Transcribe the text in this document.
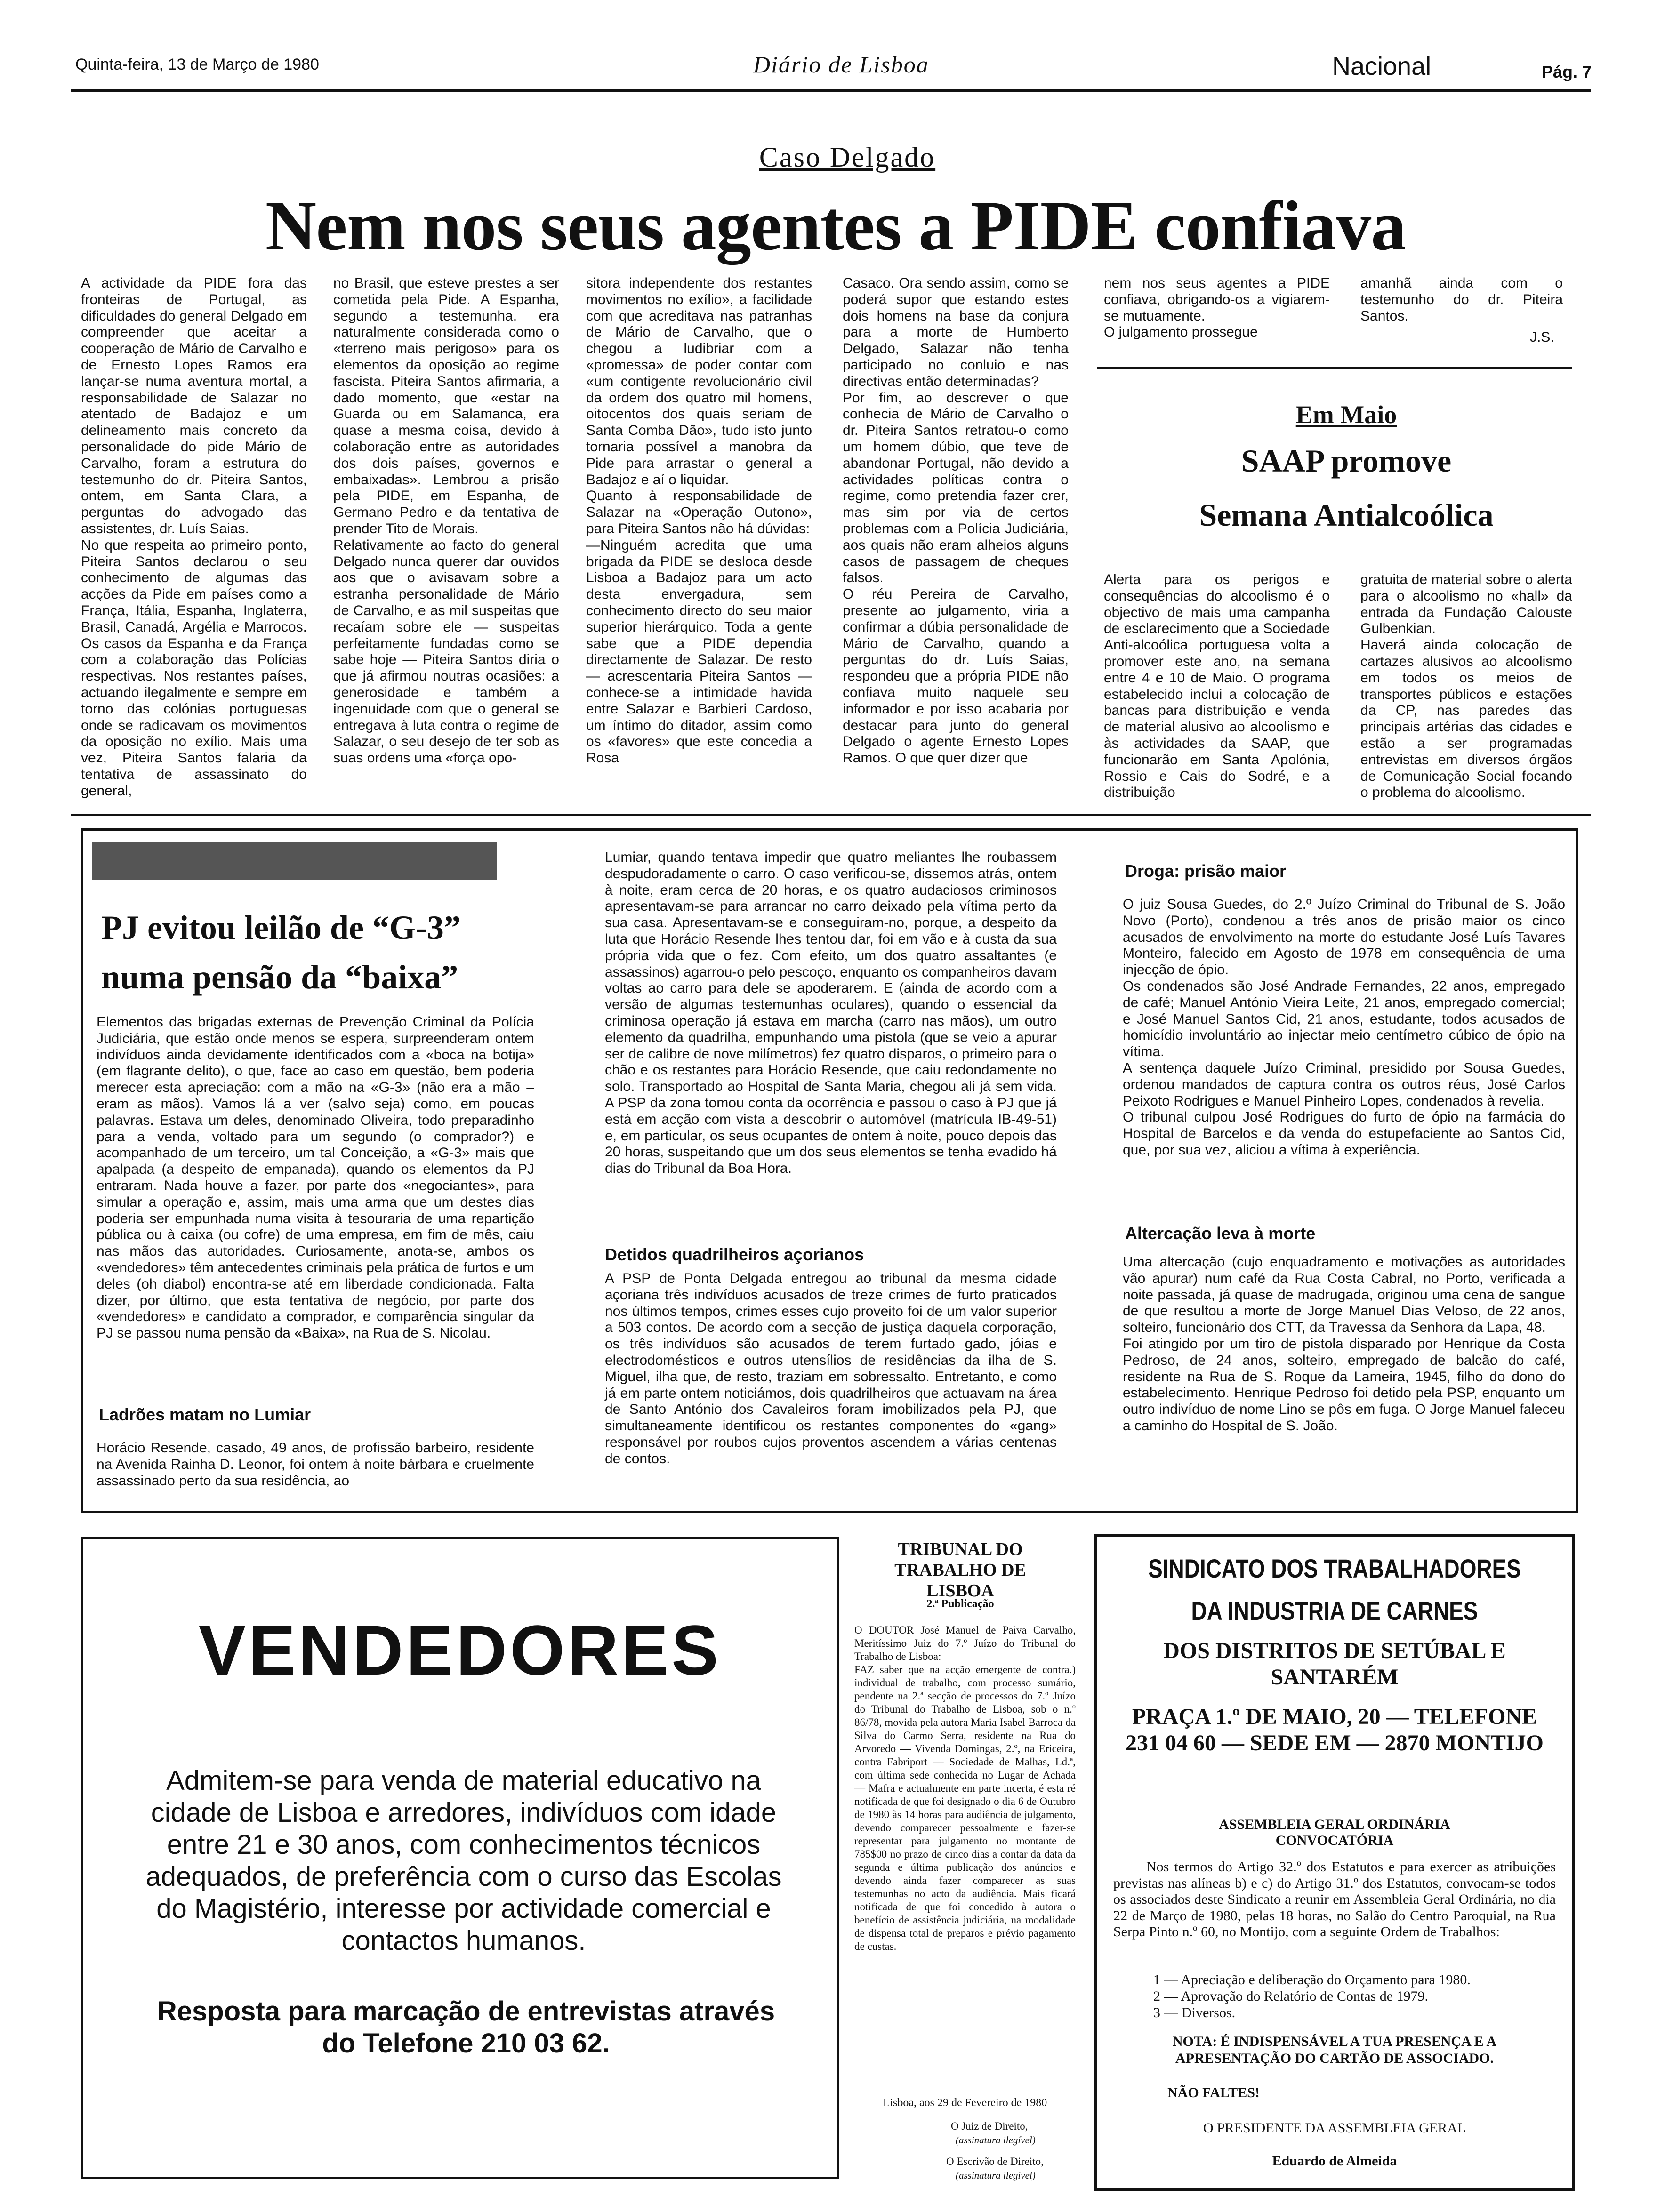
Quinta-feira, 13 de Março de 1980	Diário de Lisboa	Nacional	Pág. 7
Caso Delgado
Nem nos seus agentes a PIDE confiava
A actividade da PIDE fora das fronteiras de Portugal, as dificuldades do general Delgado em compreender que aceitar a cooperação de Mário de Carvalho e de Ernesto Lopes Ramos era lançar-se numa aventura mortal, a responsabilidade de Salazar no atentado de Badajoz e um delineamento mais concreto da personalidade do pide Mário de Carvalho, foram a estrutura do testemunho do dr. Piteira Santos, ontem, em Santa Clara, a perguntas do advogado das assistentes, dr. Luís Saias.
No que respeita ao primeiro ponto, Piteira Santos declarou o seu conhecimento de algumas das acções da Pide em países como a França, Itália, Espanha, Inglaterra, Brasil, Canadá, Argélia e Marrocos. Os casos da Espanha e da França com a colaboração das Polícias respectivas. Nos restantes países, actuando ilegalmente e sempre em torno das colónias portuguesas onde se radicavam os movimentos da oposição no exílio. Mais uma vez, Piteira Santos falaria da tentativa de assassinato do general,
no Brasil, que esteve prestes a ser cometida pela Pide. A Espanha, segundo a testemunha, era naturalmente considerada como o «terreno mais perigoso» para os elementos da oposição ao regime fascista. Piteira Santos afirmaria, a dado momento, que «estar na Guarda ou em Salamanca, era quase a mesma coisa, devido à colaboração entre as autoridades dos dois países, governos e embaixadas». Lembrou a prisão pela PIDE, em Espanha, de Germano Pedro e da tentativa de prender Tito de Morais.
Relativamente ao facto do general Delgado nunca querer dar ouvidos aos que o avisavam sobre a estranha personalidade de Mário de Carvalho, e as mil suspeitas que recaíam sobre ele — suspeitas perfeitamente fundadas como se sabe hoje — Piteira Santos diria o que já afirmou noutras ocasiões: a generosidade e também a ingenuidade com que o general se entregava à luta contra o regime de Salazar, o seu desejo de ter sob as suas ordens uma «força opo-
sitora independente dos restantes movimentos no exílio», a facilidade com que acreditava nas patranhas de Mário de Carvalho, que o chegou a ludibriar com a «promessa» de poder contar com «um contigente revolucionário civil da ordem dos quatro mil homens, oitocentos dos quais seriam de Santa Comba Dão», tudo isto junto tornaria possível a manobra da Pide para arrastar o general a Badajoz e aí o liquidar.
Quanto à responsabilidade de Salazar na «Operação Outono», para Piteira Santos não há dúvidas:
—Ninguém acredita que uma brigada da PIDE se desloca desde Lisboa a Badajoz para um acto desta envergadura, sem conhecimento directo do seu maior superior hierárquico. Toda a gente sabe que a PIDE dependia directamente de Salazar. De resto — acrescentaria Piteira Santos — conhece-se a intimidade havida entre Salazar e Barbieri Cardoso, um íntimo do ditador, assim como os «favores» que este concedia a Rosa
Casaco. Ora sendo assim, como se poderá supor que estando estes dois homens na base da conjura para a morte de Humberto Delgado, Salazar não tenha participado no conluio e nas directivas então determinadas?
Por fim, ao descrever o que conhecia de Mário de Carvalho o dr. Piteira Santos retratou-o como um homem dúbio, que teve de abandonar Portugal, não devido a actividades políticas contra o regime, como pretendia fazer crer, mas sim por via de certos problemas com a Polícia Judiciária, aos quais não eram alheios alguns casos de passagem de cheques falsos.
O réu Pereira de Carvalho, presente ao julgamento, viria a confirmar a dúbia personalidade de Mário de Carvalho, quando a perguntas do dr. Luís Saias, respondeu que a própria PIDE não confiava muito naquele seu informador e por isso acabaria por destacar para junto do general Delgado o agente Ernesto Lopes Ramos. O que quer dizer que
nem nos seus agentes a PIDE confiava, obrigando-os a vigiarem-se mutuamente.
O julgamento prossegue
amanhã ainda com o testemunho do dr. Piteira Santos.
J.S.
Em Maio
SAAP promove
Semana Antialcoólica
Alerta para os perigos e consequências do alcoolismo é o objectivo de mais uma campanha de esclarecimento que a Sociedade Anti-alcoólica portuguesa volta a promover este ano, na semana entre 4 e 10 de Maio. O programa estabelecido inclui a colocação de bancas para distribuição e venda de material alusivo ao alcoolismo e às actividades da SAAP, que funcionarão em Santa Apolónia, Rossio e Cais do Sodré, e a distribuição
gratuita de material sobre o alerta para o alcoolismo no «hall» da entrada da Fundação Calouste Gulbenkian.
Haverá ainda colocação de cartazes alusivos ao alcoolismo em todos os meios de transportes públicos e estações da CP, nas paredes das principais artérias das cidades e estão a ser programadas entrevistas em diversos órgãos de Comunicação Social focando o problema do alcoolismo.
PJ evitou leilão de “G-3”
numa pensão da “baixa”
Elementos das brigadas externas de Prevenção Criminal da Polícia Judiciária, que estão onde menos se espera, surpreenderam ontem indivíduos ainda devidamente identificados com a «boca na botija» (em flagrante delito), o que, face ao caso em questão, bem poderia merecer esta apreciação: com a mão na «G-3» (não era a mão – eram as mãos). Vamos lá a ver (salvo seja) como, em poucas palavras. Estava um deles, denominado Oliveira, todo preparadinho para a venda, voltado para um segundo (o comprador?) e acompanhado de um terceiro, um tal Conceição, a «G-3» mais que apalpada (a despeito de empanada), quando os elementos da PJ entraram. Nada houve a fazer, por parte dos «negociantes», para simular a operação e, assim, mais uma arma que um destes dias poderia ser empunhada numa visita à tesouraria de uma repartição pública ou à caixa (ou cofre) de uma empresa, em fim de mês, caiu nas mãos das autoridades. Curiosamente, anota-se, ambos os «vendedores» têm antecedentes criminais pela prática de furtos e um deles (oh diabol) encontra-se até em liberdade condicionada. Falta dizer, por último, que esta tentativa de negócio, por parte dos «vendedores» e candidato a comprador, e comparência singular da PJ se passou numa pensão da «Baixa», na Rua de S. Nicolau.
Ladrões matam no Lumiar
Horácio Resende, casado, 49 anos, de profissão barbeiro, residente na Avenida Rainha D. Leonor, foi ontem à noite bárbara e cruelmente assassinado perto da sua residência, ao
Lumiar, quando tentava impedir que quatro meliantes lhe roubassem despudoradamente o carro. O caso verificou-se, dissemos atrás, ontem à noite, eram cerca de 20 horas, e os quatro audaciosos criminosos apresentavam-se para arrancar no carro deixado pela vítima perto da sua casa. Apresentavam-se e conseguiram-no, porque, a despeito da luta que Horácio Resende lhes tentou dar, foi em vão e à custa da sua própria vida que o fez. Com efeito, um dos quatro assaltantes (e assassinos) agarrou-o pelo pescoço, enquanto os companheiros davam voltas ao carro para dele se apoderarem. E (ainda de acordo com a versão de algumas testemunhas oculares), quando o essencial da criminosa operação já estava em marcha (carro nas mãos), um outro elemento da quadrilha, empunhando uma pistola (que se veio a apurar ser de calibre de nove milímetros) fez quatro disparos, o primeiro para o chão e os restantes para Horácio Resende, que caiu redondamente no solo. Transportado ao Hospital de Santa Maria, chegou ali já sem vida. A PSP da zona tomou conta da ocorrência e passou o caso à PJ que já está em acção com vista a descobrir o automóvel (matrícula IB-49-51) e, em particular, os seus ocupantes de ontem à noite, pouco depois das 20 horas, suspeitando que um dos seus elementos se tenha evadido há dias do Tribunal da Boa Hora.
Detidos quadrilheiros açorianos
A PSP de Ponta Delgada entregou ao tribunal da mesma cidade açoriana três indivíduos acusados de treze crimes de furto praticados nos últimos tempos, crimes esses cujo proveito foi de um valor superior a 503 contos. De acordo com a secção de justiça daquela corporação, os três indivíduos são acusados de terem furtado gado, jóias e electrodomésticos e outros utensílios de residências da ilha de S. Miguel, ilha que, de resto, traziam em sobressalto. Entretanto, e como já em parte ontem noticiámos, dois quadrilheiros que actuavam na área de Santo António dos Cavaleiros foram imobilizados pela PJ, que simultaneamente identificou os restantes componentes do «gang» responsável por roubos cujos proventos ascendem a várias centenas de contos.
Droga: prisão maior
O juiz Sousa Guedes, do 2.º Juízo Criminal do Tribunal de S. João Novo (Porto), condenou a três anos de prisão maior os cinco acusados de envolvimento na morte do estudante José Luís Tavares Monteiro, falecido em Agosto de 1978 em consequência de uma injecção de ópio.
Os condenados são José Andrade Fernandes, 22 anos, empregado de café; Manuel António Vieira Leite, 21 anos, empregado comercial; e José Manuel Santos Cid, 21 anos, estudante, todos acusados de homicídio involuntário ao injectar meio centímetro cúbico de ópio na vítima.
A sentença daquele Juízo Criminal, presidido por Sousa Guedes, ordenou mandados de captura contra os outros réus, José Carlos Peixoto Rodrigues e Manuel Pinheiro Lopes, condenados à revelia.
O tribunal culpou José Rodrigues do furto de ópio na farmácia do Hospital de Barcelos e da venda do estupefaciente ao Santos Cid, que, por sua vez, aliciou a vítima à experiência.
Altercação leva à morte
Uma altercação (cujo enquadramento e motivações as autoridades vão apurar) num café da Rua Costa Cabral, no Porto, verificada a noite passada, já quase de madrugada, originou uma cena de sangue de que resultou a morte de Jorge Manuel Dias Veloso, de 22 anos, solteiro, funcionário dos CTT, da Travessa da Senhora da Lapa, 48.
Foi atingido por um tiro de pistola disparado por Henrique da Costa Pedroso, de 24 anos, solteiro, empregado de balcão do café, residente na Rua de S. Roque da Lameira, 1945, filho do dono do estabelecimento. Henrique Pedroso foi detido pela PSP, enquanto um outro indivíduo de nome Lino se pôs em fuga. O Jorge Manuel faleceu a caminho do Hospital de S. João.
VENDEDORES
Admitem-se para venda de material educativo na cidade de Lisboa e arredores, indivíduos com idade entre 21 e 30 anos, com conhecimentos técnicos adequados, de preferência com o curso das Escolas do Magistério, interesse por actividade comercial e contactos humanos.
Resposta para marcação de entrevistas através do Telefone 210 03 62.
TRIBUNAL DO TRABALHO DE LISBOA
2.ª Publicação
O DOUTOR José Manuel de Paiva Carvalho, Meritíssimo Juiz do 7.º Juízo do Tribunal do Trabalho de Lisboa:
FAZ saber que na acção emergente de contra.) individual de trabalho, com processo sumário, pendente na 2.ª secção de processos do 7.º Juízo do Tribunal do Trabalho de Lisboa, sob o n.º 86/78, movida pela autora Maria Isabel Barroca da Silva do Carmo Serra, residente na Rua do Arvoredo — Vivenda Domingas, 2.º, na Ericeira, contra Fabriport — Sociedade de Malhas, Ld.ª, com última sede conhecida no Lugar de Achada — Mafra e actualmente em parte incerta, é esta ré notificada de que foi designado o dia 6 de Outubro de 1980 às 14 horas para audiência de julgamento, devendo comparecer pessoalmente e fazer-se representar para julgamento no montante de 785$00 no prazo de cinco dias a contar da data da segunda e última publicação dos anúncios e devendo ainda fazer comparecer as suas testemunhas no acto da audiência. Mais ficará notificada de que foi concedido à autora o benefício de assistência judiciária, na modalidade de dispensa total de preparos e prévio pagamento de custas.
Lisboa, aos 29 de Fevereiro de 1980
O Juiz de Direito,
(assinatura ilegível)
O Escrivão de Direito,
(assinatura ilegível)
SINDICATO DOS TRABALHADORES
DA INDUSTRIA DE CARNES
DOS DISTRITOS DE SETÚBAL E SANTARÉM
PRAÇA 1.º DE MAIO, 20 — TELEFONE 231 04 60 — SEDE EM — 2870 MONTIJO
ASSEMBLEIA GERAL ORDINÁRIA CONVOCATÓRIA
Nos termos do Artigo 32.º dos Estatutos e para exercer as atribuições previstas nas alíneas b) e c) do Artigo 31.º dos Estatutos, convocam-se todos os associados deste Sindicato a reunir em Assembleia Geral Ordinária, no dia 22 de Março de 1980, pelas 18 horas, no Salão do Centro Paroquial, na Rua Serpa Pinto n.º 60, no Montijo, com a seguinte Ordem de Trabalhos:
1 — Apreciação e deliberação do Orçamento para 1980.
2 — Aprovação do Relatório de Contas de 1979.
3 — Diversos.
NOTA: É INDISPENSÁVEL A TUA PRESENÇA E A APRESENTAÇÃO DO CARTÃO DE ASSOCIADO.
NÃO FALTES!
O PRESIDENTE DA ASSEMBLEIA GERAL
Eduardo de Almeida
